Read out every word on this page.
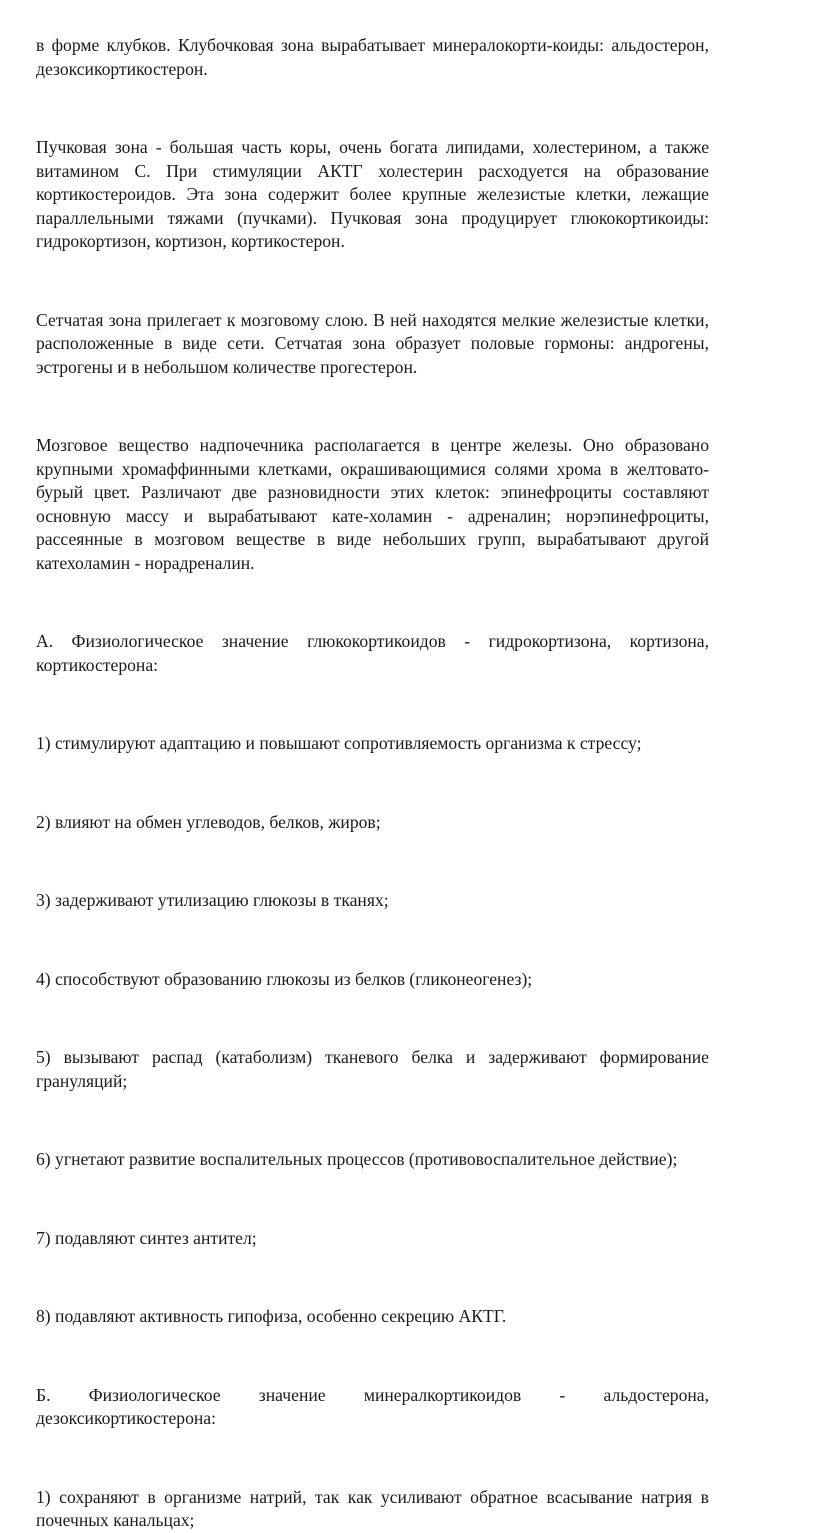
в форме клубков. Клубочковая зона вырабатывает минералокорти-коиды: альдостерон, дезоксикортикостерон.

Пучковая зона - большая часть коры, очень богата липидами, холестерином, а также витамином С. При стимуляции АКТГ холестерин расходуется на образование кортикостероидов. Эта зона содержит более крупные железистые клетки, лежащие параллельными тяжами (пучками). Пучковая зона продуцирует глюкокортикоиды: гидрокортизон, кортизон, кортикостерон.

Сетчатая зона прилегает к мозговому слою. В ней находятся мелкие железистые клетки, расположенные в виде сети. Сетчатая зона образует половые гормоны: андрогены, эстрогены и в небольшом количестве прогестерон.

Мозговое вещество надпочечника располагается в центре железы. Оно образовано крупными хромаффинными клетками, окрашивающимися солями хрома в желтовато-бурый цвет. Различают две разновидности этих клеток: эпинефроциты составляют основную массу и вырабатывают кате-холамин - адреналин; норэпинефроциты, рассеянные в мозговом веществе в виде небольших групп, вырабатывают другой катехоламин - норадреналин.

А. Физиологическое значение глюкокортикоидов - гидрокортизона, кортизона, кортикостерона:

1) стимулируют адаптацию и повышают сопротивляемость организма к стрессу;

2) влияют на обмен углеводов, белков, жиров;

3) задерживают утилизацию глюкозы в тканях;

4) способствуют образованию глюкозы из белков (гликонеогенез);

5) вызывают распад (катаболизм) тканевого белка и задерживают формирование грануляций;

6) угнетают развитие воспалительных процессов (противовоспалительное действие);

7) подавляют синтез антител;

8) подавляют активность гипофиза, особенно секрецию АКТГ.

Б. Физиологическое значение минералкортикоидов - альдостерона, дезоксикортикостерона:

1) сохраняют в организме натрий, так как усиливают обратное всасывание натрия в почечных канальцах;
